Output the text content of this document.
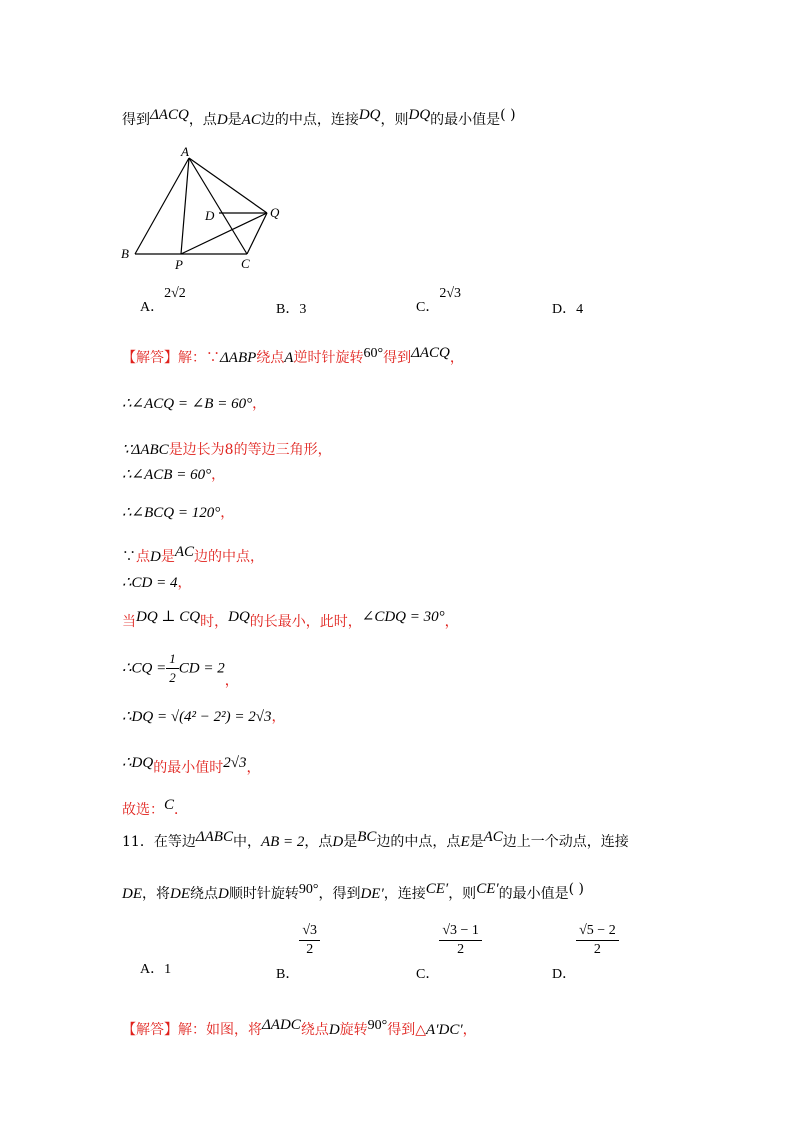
得到ΔACQ，点D是AC边的中点，连接DQ，则DQ的最小值是( )
A
B
C
D
P
Q
A．2√2
B．3	C．2√3
D．4
【解答】解：∵ΔABP绕点A逆时针旋转60°得到ΔACQ，
∴∠ACQ = ∠B = 60°，
∵ΔABC是边长为8的等边三角形，
∴∠ACB = 60°，
∴∠BCQ = 120°，
∵点D是AC边的中点，
∴CD = 4，
当DQ ⊥ CQ时，DQ的长最小，此时，∠CDQ = 30°，
∴CQ = $\frac{1}{2}$ CD = 2，
∴DQ = √(4² − 2²) = 2√3，
∴DQ的最小值时2√3，
故选：C．
11．在等边ΔABC中，AB = 2，点D是BC边的中点，点E是AC边上一个动点，连接
DE，将DE绕点D顺时针旋转90°，得到DE′，连接CE′，则CE′的最小值是( )
A．1	B．
$\frac{√3}{2}$
C．
$\frac{√3 - 1}{2}$
D．
$\frac{√5 - 2}{2}$
【解答】解：如图，将ΔADC绕点D旋转90°得到△A′DC′，
